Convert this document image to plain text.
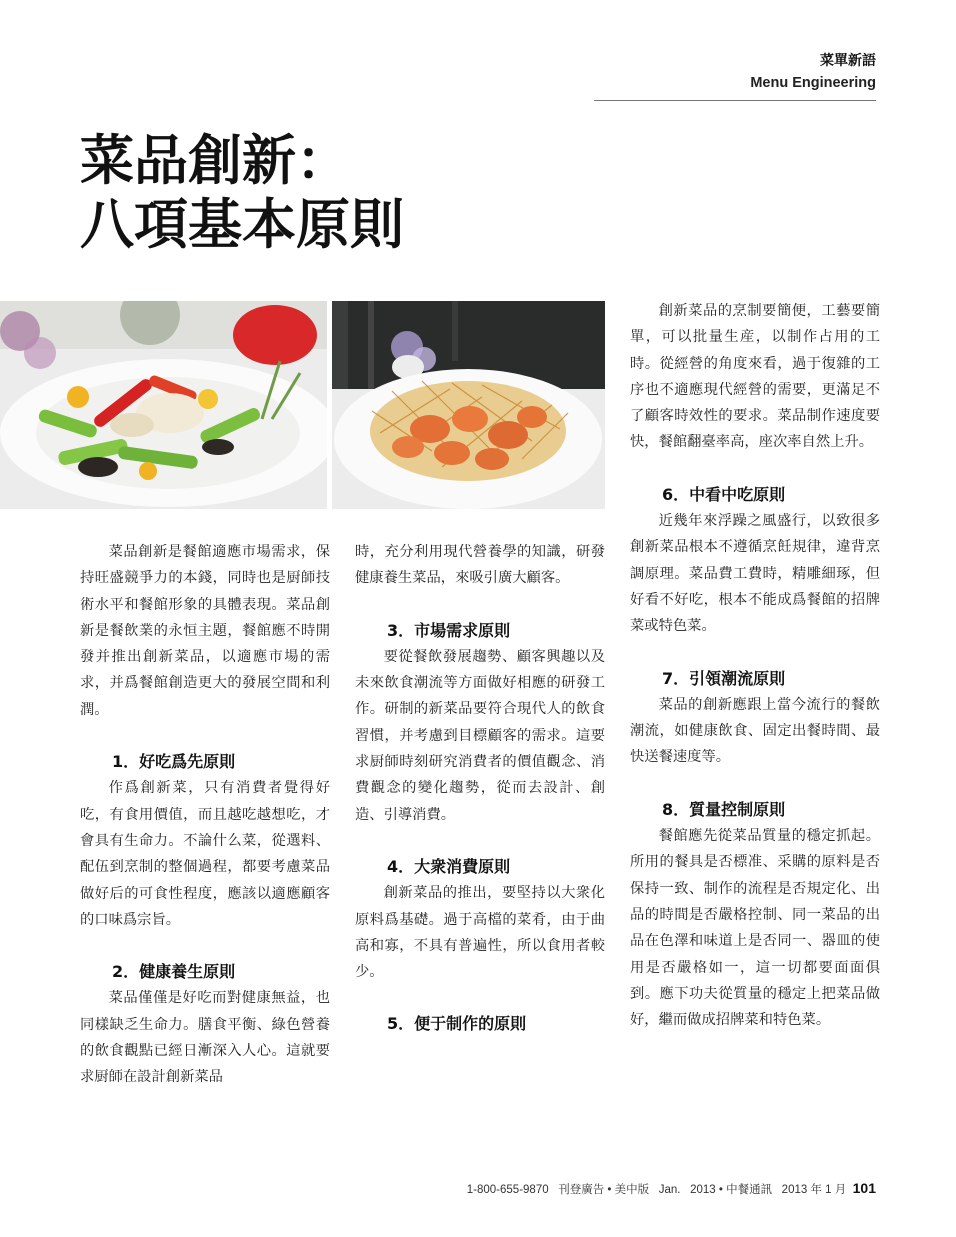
菜單新語
Menu Engineering
菜品創新：
八項基本原則

菜品創新是餐館適應市場需求，保持旺盛競爭力的本錢，同時也是厨師技術水平和餐館形象的具體表現。菜品創新是餐飲業的永恒主題，餐館應不時開發并推出創新菜品，以適應市場的需求，并爲餐館創造更大的發展空間和利潤。

1．好吃爲先原則

作爲創新菜，只有消費者覺得好吃，有食用價值，而且越吃越想吃，才會具有生命力。不論什么菜，從選料、配伍到烹制的整個過程，都要考慮菜品做好后的可食性程度，應該以適應顧客的口味爲宗旨。

2．健康養生原則

菜品僅僅是好吃而對健康無益，也同樣缺乏生命力。膳食平衡、綠色營養的飲食觀點已經日漸深入人心。這就要求厨師在設計創新菜品

時，充分利用現代營養學的知識，研發健康養生菜品，來吸引廣大顧客。

3．市場需求原則

要從餐飲發展趨勢、顧客興趣以及未來飲食潮流等方面做好相應的研發工作。研制的新菜品要符合現代人的飲食習慣，并考慮到目標顧客的需求。這要求厨師時刻研究消費者的價值觀念、消費觀念的變化趨勢，從而去設計、創造、引導消費。

4．大衆消費原則

創新菜品的推出，要堅持以大衆化原料爲基礎。過于高檔的菜肴，由于曲高和寡，不具有普遍性，所以食用者較少。

5．便于制作的原則

創新菜品的烹制要簡便，工藝要簡單，可以批量生産，以制作占用的工時。從經營的角度來看，過于復雜的工序也不適應現代經營的需要，更滿足不了顧客時效性的要求。菜品制作速度要快，餐館翻臺率高，座次率自然上升。

6．中看中吃原則

近幾年來浮躁之風盛行，以致很多創新菜品根本不遵循烹飪規律，違背烹調原理。菜品費工費時，精雕細琢，但好看不好吃，根本不能成爲餐館的招牌菜或特色菜。

7．引領潮流原則

菜品的創新應跟上當今流行的餐飲潮流，如健康飲食、固定出餐時間、最快送餐速度等。

8．質量控制原則

餐館應先從菜品質量的穩定抓起。所用的餐具是否標准、采購的原料是否保持一致、制作的流程是否規定化、出品的時間是否嚴格控制、同一菜品的出品在色澤和味道上是否同一、器皿的使用是否嚴格如一，這一切都要面面俱到。應下功夫從質量的穩定上把菜品做好，繼而做成招牌菜和特色菜。

1-800-655-9870 刊登廣告 • 美中版 Jan. 2013 • 中餐通訊 2013 年 1 月 101
